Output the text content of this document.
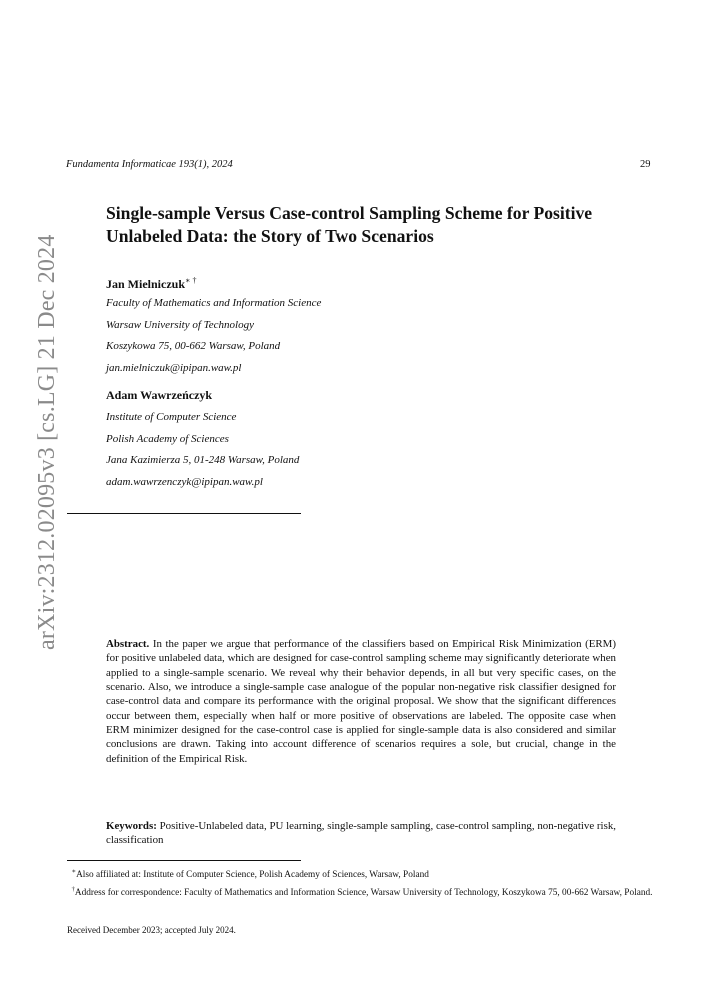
Fundamenta Informaticae 193(1), 2024	29
arXiv:2312.02095v3 [cs.LG] 21 Dec 2024
Single-sample Versus Case-control Sampling Scheme for Positive
Unlabeled Data: the Story of Two Scenarios
Jan Mielniczuk∗ †
Faculty of Mathematics and Information Science
Warsaw University of Technology
Koszykowa 75, 00-662 Warsaw, Poland
jan.mielniczuk@ipipan.waw.pl
Adam Wawrzeńczyk
Institute of Computer Science
Polish Academy of Sciences
Jana Kazimierza 5, 01-248 Warsaw, Poland
adam.wawrzenczyk@ipipan.waw.pl
Abstract. In the paper we argue that performance of the classifiers based on Empirical Risk Minimization (ERM) for positive unlabeled data, which are designed for case-control sampling scheme may significantly deteriorate when applied to a single-sample scenario. We reveal why their behavior depends, in all but very specific cases, on the scenario. Also, we introduce a single-sample case analogue of the popular non-negative risk classifier designed for case-control data and compare its performance with the original proposal. We show that the significant differences occur between them, especially when half or more positive of observations are labeled. The opposite case when ERM minimizer designed for the case-control case is applied for single-sample data is also considered and similar conclusions are drawn. Taking into account difference of scenarios requires a sole, but crucial, change in the definition of the Empirical Risk.
Keywords: Positive-Unlabeled data, PU learning, single-sample sampling, case-control sampling, non-negative risk, classification
∗Also affiliated at: Institute of Computer Science, Polish Academy of Sciences, Warsaw, Poland
†Address for correspondence: Faculty of Mathematics and Information Science, Warsaw University of Technology, Koszykowa 75, 00-662 Warsaw, Poland.
Received December 2023; accepted July 2024.
